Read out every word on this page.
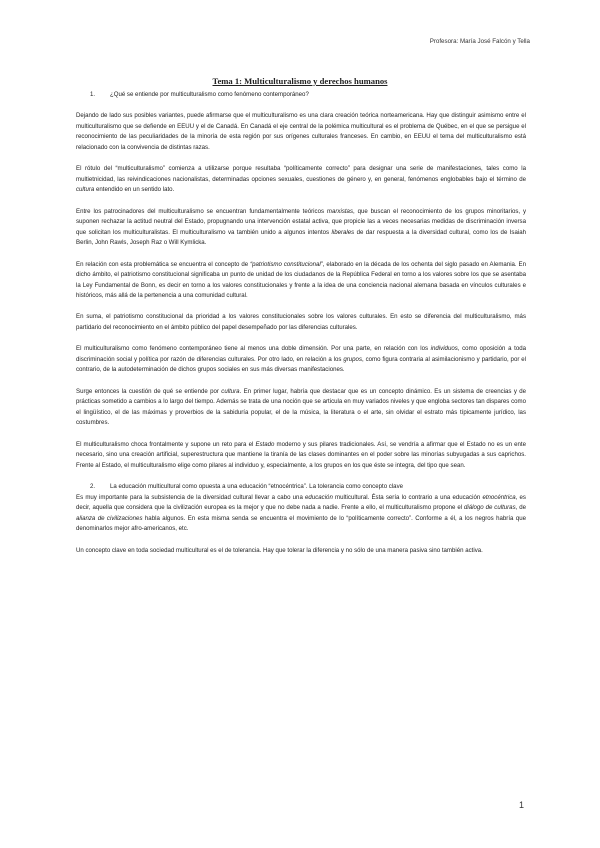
Profesora: María José Falcón y Tella
Tema 1: Multiculturalismo y derechos humanos

1. ¿Qué se entiende por multiculturalismo como fenómeno contemporáneo?

Dejando de lado sus posibles variantes, puede afirmarse que el multiculturalismo es una clara creación teórica norteamericana. Hay que distinguir asimismo entre el multiculturalismo que se defiende en EEUU y el de Canadá. En Canadá el eje central de la polémica multicultural es el problema de Québec, en el que se persigue el reconocimiento de las peculiaridades de la minoría de esta región por sus orígenes culturales franceses. En cambio, en EEUU el tema del multiculturalismo está relacionado con la convivencia de distintas razas.

El rótulo del “multiculturalismo” comienza a utilizarse porque resultaba “políticamente correcto” para designar una serie de manifestaciones, tales como la multietnicidad, las reivindicaciones nacionalistas, determinadas opciones sexuales, cuestiones de género y, en general, fenómenos englobables bajo el término de cultura entendido en un sentido lato.

Entre los patrocinadores del multiculturalismo se encuentran fundamentalmente teóricos marxistas, que buscan el reconocimiento de los grupos minoritarios, y suponen rechazar la actitud neutral del Estado, propugnando una intervención estatal activa, que propicie las a veces necesarias medidas de discriminación inversa que solicitan los multiculturalistas. El multiculturalismo va también unido a algunos intentos liberales de dar respuesta a la diversidad cultural, como los de Isaiah Berlin, John Rawls, Joseph Raz o Will Kymlicka.

En relación con esta problemática se encuentra el concepto de “patriotismo constitucional”, elaborado en la década de los ochenta del siglo pasado en Alemania. En dicho ámbito, el patriotismo constitucional significaba un punto de unidad de los ciudadanos de la República Federal en torno a los valores sobre los que se asentaba la Ley Fundamental de Bonn, es decir en torno a los valores constitucionales y frente a la idea de una conciencia nacional alemana basada en vínculos culturales e históricos, más allá de la pertenencia a una comunidad cultural.

En suma, el patriotismo constitucional da prioridad a los valores constitucionales sobre los valores culturales. En esto se diferencia del multiculturalismo, más partidario del reconocimiento en el ámbito público del papel desempeñado por las diferencias culturales.

El multiculturalismo como fenómeno contemporáneo tiene al menos una doble dimensión. Por una parte, en relación con los individuos, como oposición a toda discriminación social y política por razón de diferencias culturales. Por otro lado, en relación a los grupos, como figura contraria al asimilacionismo y partidario, por el contrario, de la autodeterminación de dichos grupos sociales en sus más diversas manifestaciones.

Surge entonces la cuestión de qué se entiende por cultura. En primer lugar, habría que destacar que es un concepto dinámico. Es un sistema de creencias y de prácticas sometido a cambios a lo largo del tiempo. Además se trata de una noción que se articula en muy variados niveles y que engloba sectores tan dispares como el lingüístico, el de las máximas y proverbios de la sabiduría popular, el de la música, la literatura o el arte, sin olvidar el estrato más típicamente jurídico, las costumbres.

El multiculturalismo choca frontalmente y supone un reto para el Estado moderno y sus pilares tradicionales. Así, se vendría a afirmar que el Estado no es un ente necesario, sino una creación artificial, superestructura que mantiene la tiranía de las clases dominantes en el poder sobre las minorías subyugadas a sus caprichos. Frente al Estado, el multiculturalismo elige como pilares al individuo y, especialmente, a los grupos en los que éste se integra, del tipo que sean.

2. La educación multicultural como opuesta a una educación “etnocéntrica”. La tolerancia como concepto clave

Es muy importante para la subsistencia de la diversidad cultural llevar a cabo una educación multicultural. Ésta sería lo contrario a una educación etnocéntrica, es decir, aquella que considera que la civilización europea es la mejor y que no debe nada a nadie. Frente a ello, el multiculturalismo propone el diálogo de culturas, de alianza de civilizaciones habla algunos. En esta misma senda se encuentra el movimiento de lo “políticamente correcto”. Conforme a él, a los negros habría que denominarlos mejor afro-americanos, etc.

Un concepto clave en toda sociedad multicultural es el de tolerancia. Hay que tolerar la diferencia y no sólo de una manera pasiva sino también activa.

1
